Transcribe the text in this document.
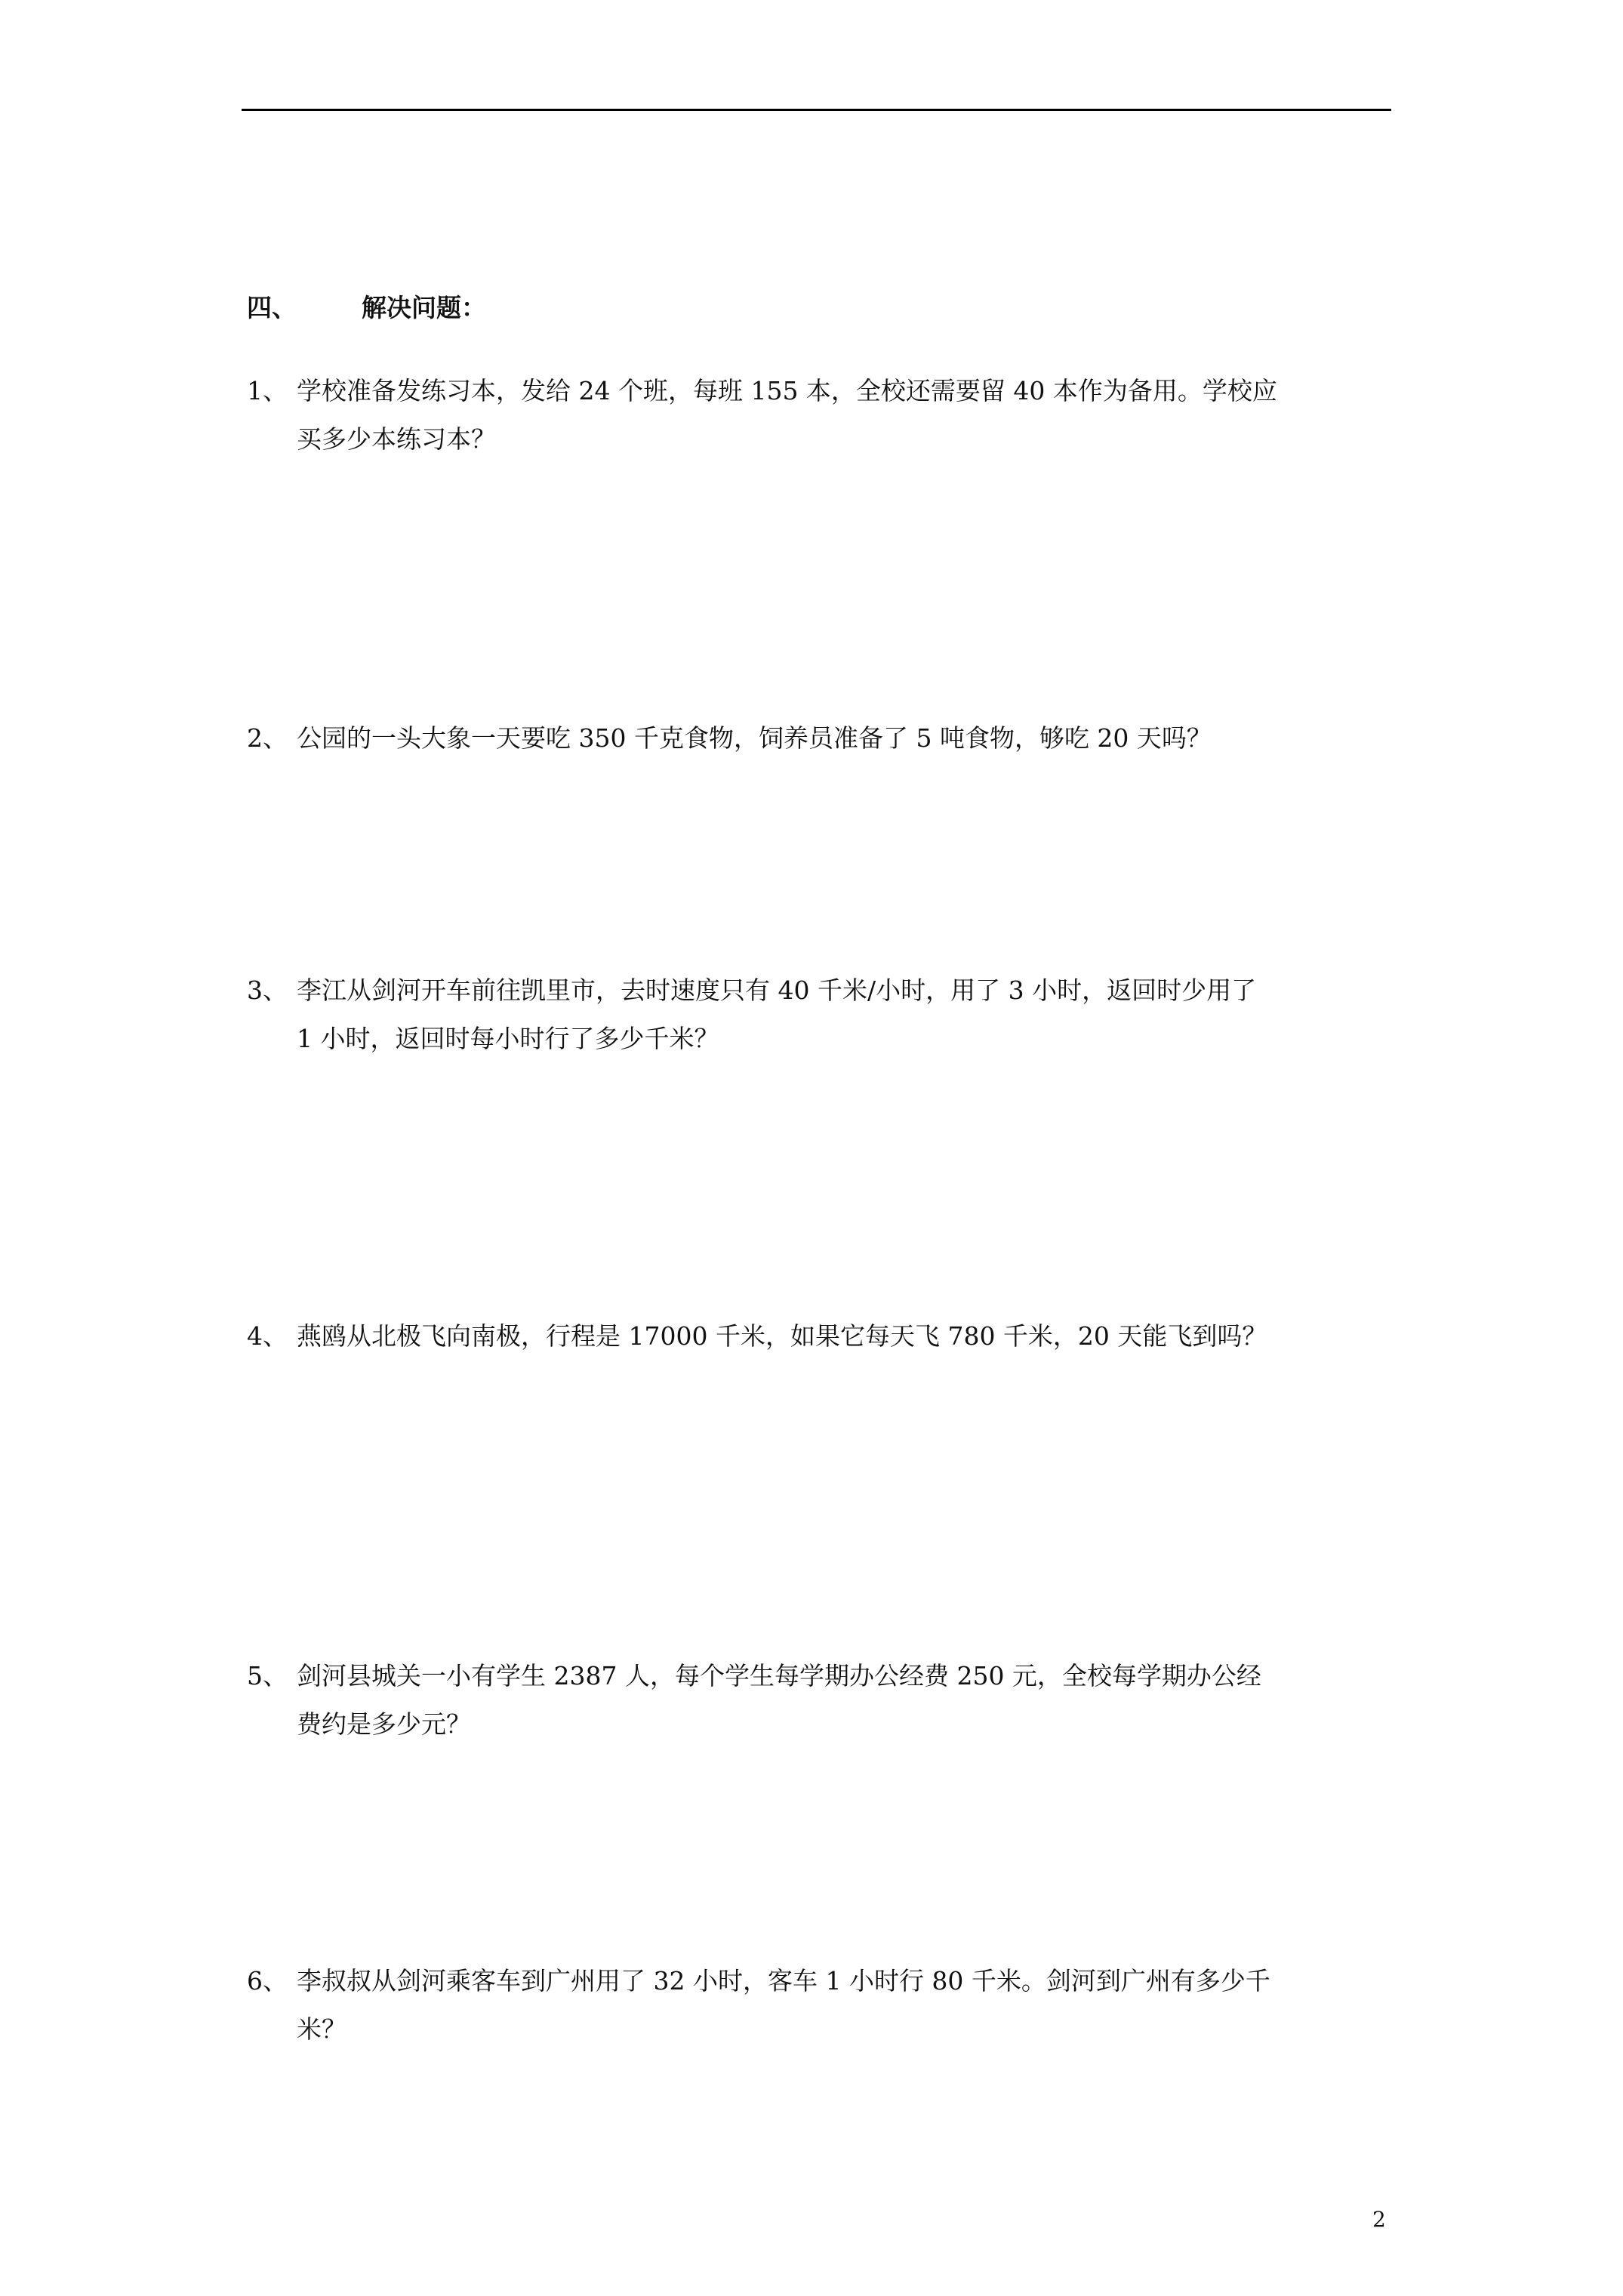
四、	解决问题：
1、 学校准备发练习本，发给 24 个班，每班 155 本，全校还需要留 40 本作为备用。学校应
买多少本练习本？
2、 公园的一头大象一天要吃 350 千克食物，饲养员准备了 5 吨食物，够吃 20 天吗？
3、 李江从剑河开车前往凯里市，去时速度只有 40 千米/小时，用了 3 小时，返回时少用了
1 小时，返回时每小时行了多少千米？
4、 燕鸥从北极飞向南极，行程是 17000 千米，如果它每天飞 780 千米，20 天能飞到吗？
5、 剑河县城关一小有学生 2387 人，每个学生每学期办公经费 250 元，全校每学期办公经
费约是多少元？
6、 李叔叔从剑河乘客车到广州用了 32 小时，客车 1 小时行 80 千米。剑河到广州有多少千
米？
2
